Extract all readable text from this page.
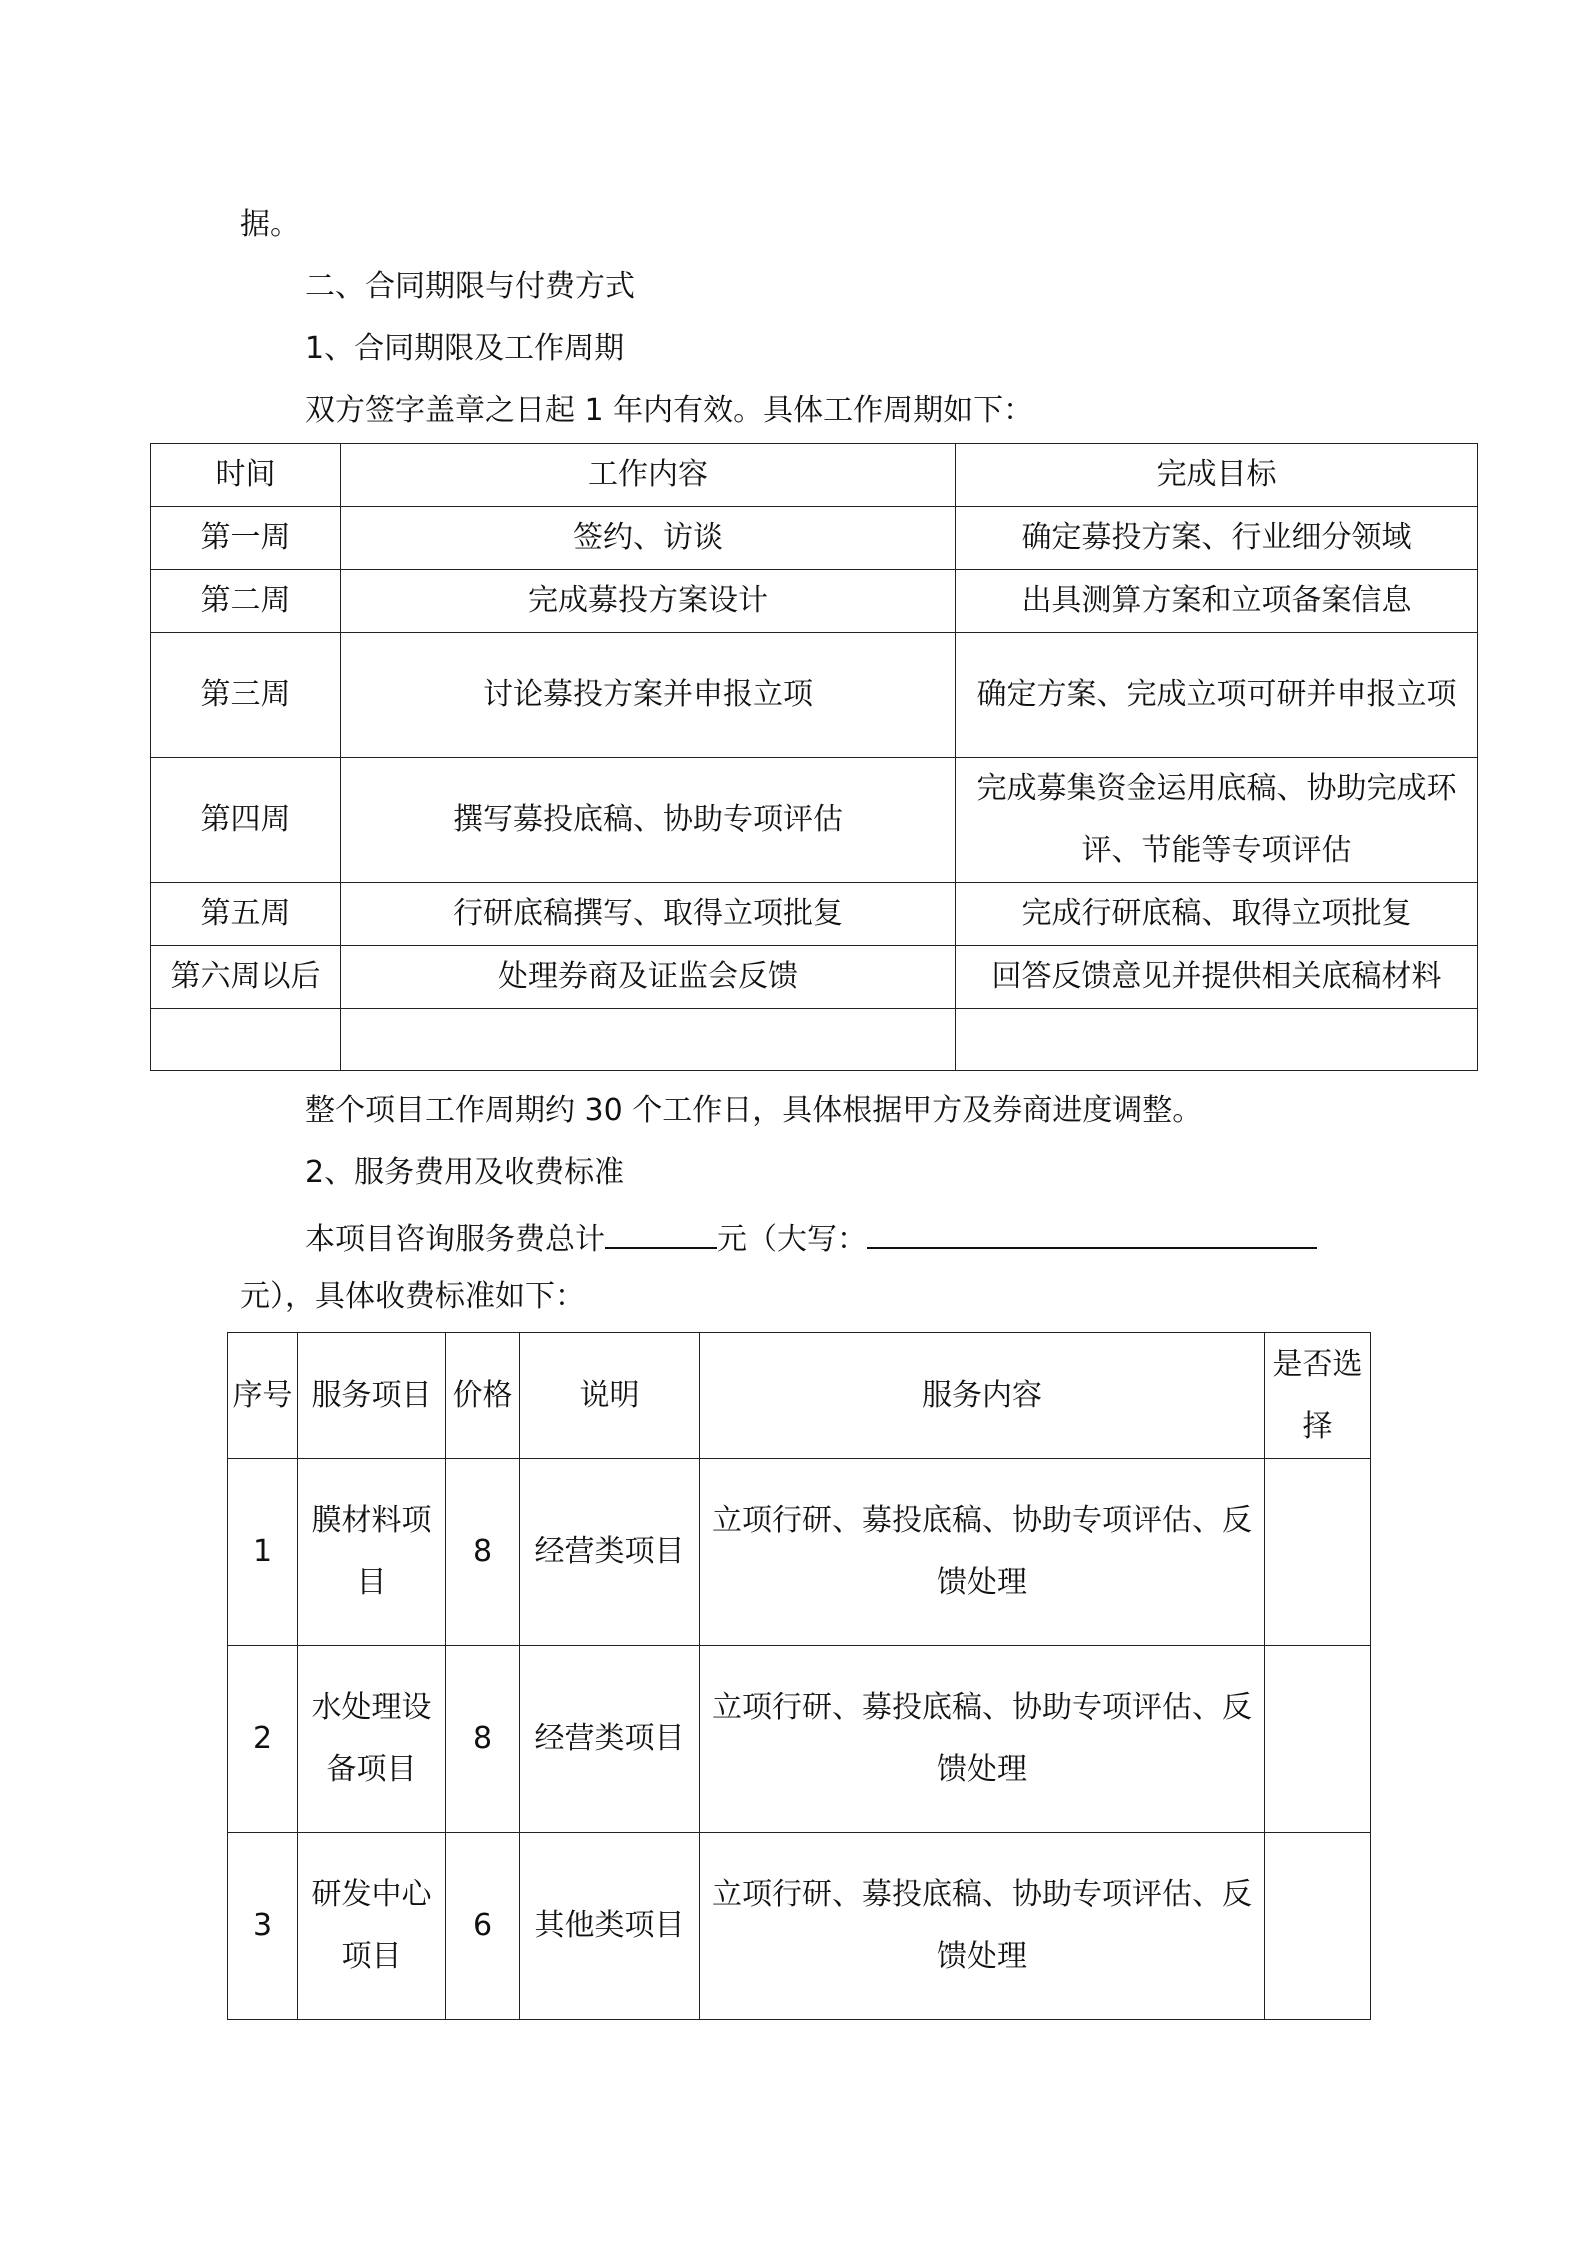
据。
二、合同期限与付费方式
1、合同期限及工作周期
双方签字盖章之日起 1 年内有效。具体工作周期如下：
时间	工作内容	完成目标
第一周	签约、访谈	确定募投方案、行业细分领域
第二周	完成募投方案设计	出具测算方案和立项备案信息
第三周	讨论募投方案并申报立项	确定方案、完成立项可研并申报立项
第四周	撰写募投底稿、协助专项评估	完成募集资金运用底稿、协助完成环评、节能等专项评估
第五周	行研底稿撰写、取得立项批复	完成行研底稿、取得立项批复
第六周以后	处理券商及证监会反馈	回答反馈意见并提供相关底稿材料

整个项目工作周期约 30 个工作日，具体根据甲方及券商进度调整。
2、服务费用及收费标准
本项目咨询服务费总计	元（大写：
元），具体收费标准如下：
序号	服务项目	价格	说明	服务内容	是否选择
1	膜材料项目	8	经营类项目	立项行研、募投底稿、协助专项评估、反馈处理	
2	水处理设备项目	8	经营类项目	立项行研、募投底稿、协助专项评估、反馈处理	
3	研发中心项目	6	其他类项目	立项行研、募投底稿、协助专项评估、反馈处理	
